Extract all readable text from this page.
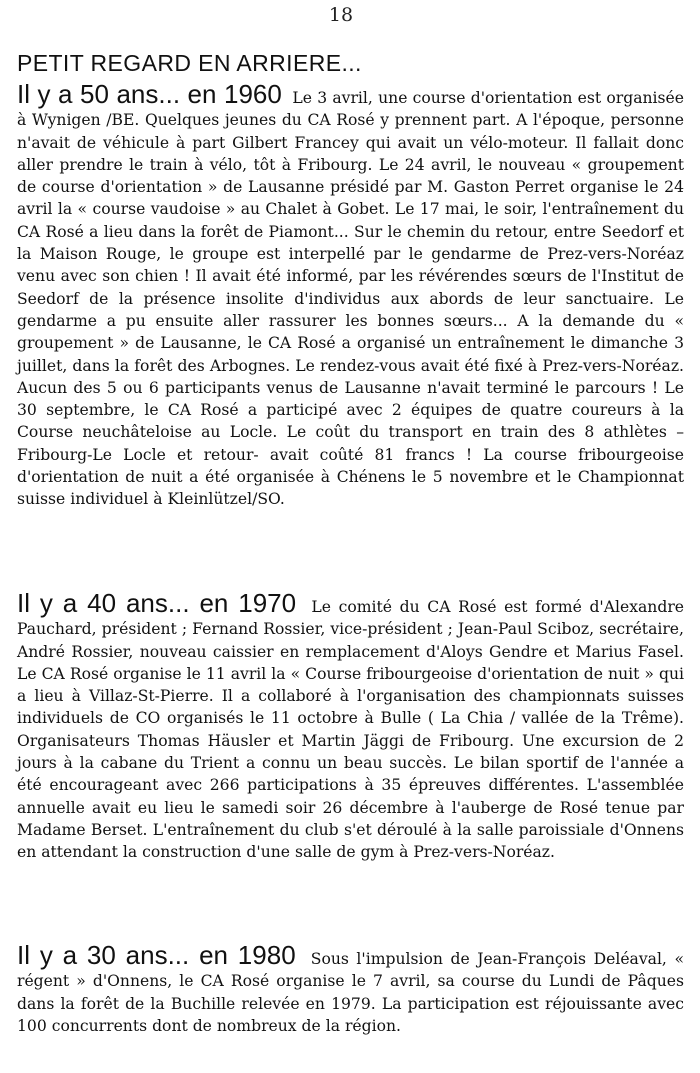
18
PETIT REGARD EN ARRIERE...

Il y a 50 ans... en 1960 Le 3 avril, une course d'orientation est organisée à Wynigen /BE. Quelques jeunes du CA Rosé y prennent part. A l'époque, personne n'avait de véhicule à part Gilbert Francey qui avait un vélo-moteur. Il fallait donc aller prendre le train à vélo, tôt à Fribourg. Le 24 avril, le nouveau « groupement de course d'orientation » de Lausanne présidé par M. Gaston Perret organise le 24 avril la « course vaudoise » au Chalet à Gobet. Le 17 mai, le soir, l'entraînement du CA Rosé a lieu dans la forêt de Piamont... Sur le chemin du retour, entre Seedorf et la Maison Rouge, le groupe est interpellé par le gendarme de Prez-vers-Noréaz venu avec son chien ! Il avait été informé, par les révérendes sœurs de l'Institut de Seedorf de la présence insolite d'individus aux abords de leur sanctuaire. Le gendarme a pu ensuite aller rassurer les bonnes sœurs... A la demande du « groupement » de Lausanne, le CA Rosé a organisé un entraînement le dimanche 3 juillet, dans la forêt des Arbognes. Le rendez-vous avait été fixé à Prez-vers-Noréaz. Aucun des 5 ou 6 participants venus de Lausanne n'avait terminé le parcours ! Le 30 septembre, le CA Rosé a participé avec 2 équipes de quatre coureurs à la Course neuchâteloise au Locle. Le coût du transport en train des 8 athlètes – Fribourg-Le Locle et retour- avait coûté 81 francs ! La course fribourgeoise d'orientation de nuit a été organisée à Chénens le 5 novembre et le Championnat suisse individuel à Kleinlützel/SO.

Il y a 40 ans... en 1970 Le comité du CA Rosé est formé d'Alexandre Pauchard, président ; Fernand Rossier, vice-président ; Jean-Paul Sciboz, secrétaire, André Rossier, nouveau caissier en remplacement d'Aloys Gendre et Marius Fasel. Le CA Rosé organise le 11 avril la « Course fribourgeoise d'orientation de nuit » qui a lieu à Villaz-St-Pierre. Il a collaboré à l'organisation des championnats suisses individuels de CO organisés le 11 octobre à Bulle ( La Chia / vallée de la Trême). Organisateurs Thomas Häusler et Martin Jäggi de Fribourg. Une excursion de 2 jours à la cabane du Trient a connu un beau succès. Le bilan sportif de l'année a été encourageant avec 266 participations à 35 épreuves différentes. L'assemblée annuelle avait eu lieu le samedi soir 26 décembre à l'auberge de Rosé tenue par Madame Berset. L'entraînement du club s'et déroulé à la salle paroissiale d'Onnens en attendant la construction d'une salle de gym à Prez-vers-Noréaz.

Il y a 30 ans... en 1980 Sous l'impulsion de Jean-François Deléaval, « régent » d'Onnens, le CA Rosé organise le 7 avril, sa course du Lundi de Pâques dans la forêt de la Buchille relevée en 1979. La participation est réjouissante avec 100 concurrents dont de nombreux de la région.
